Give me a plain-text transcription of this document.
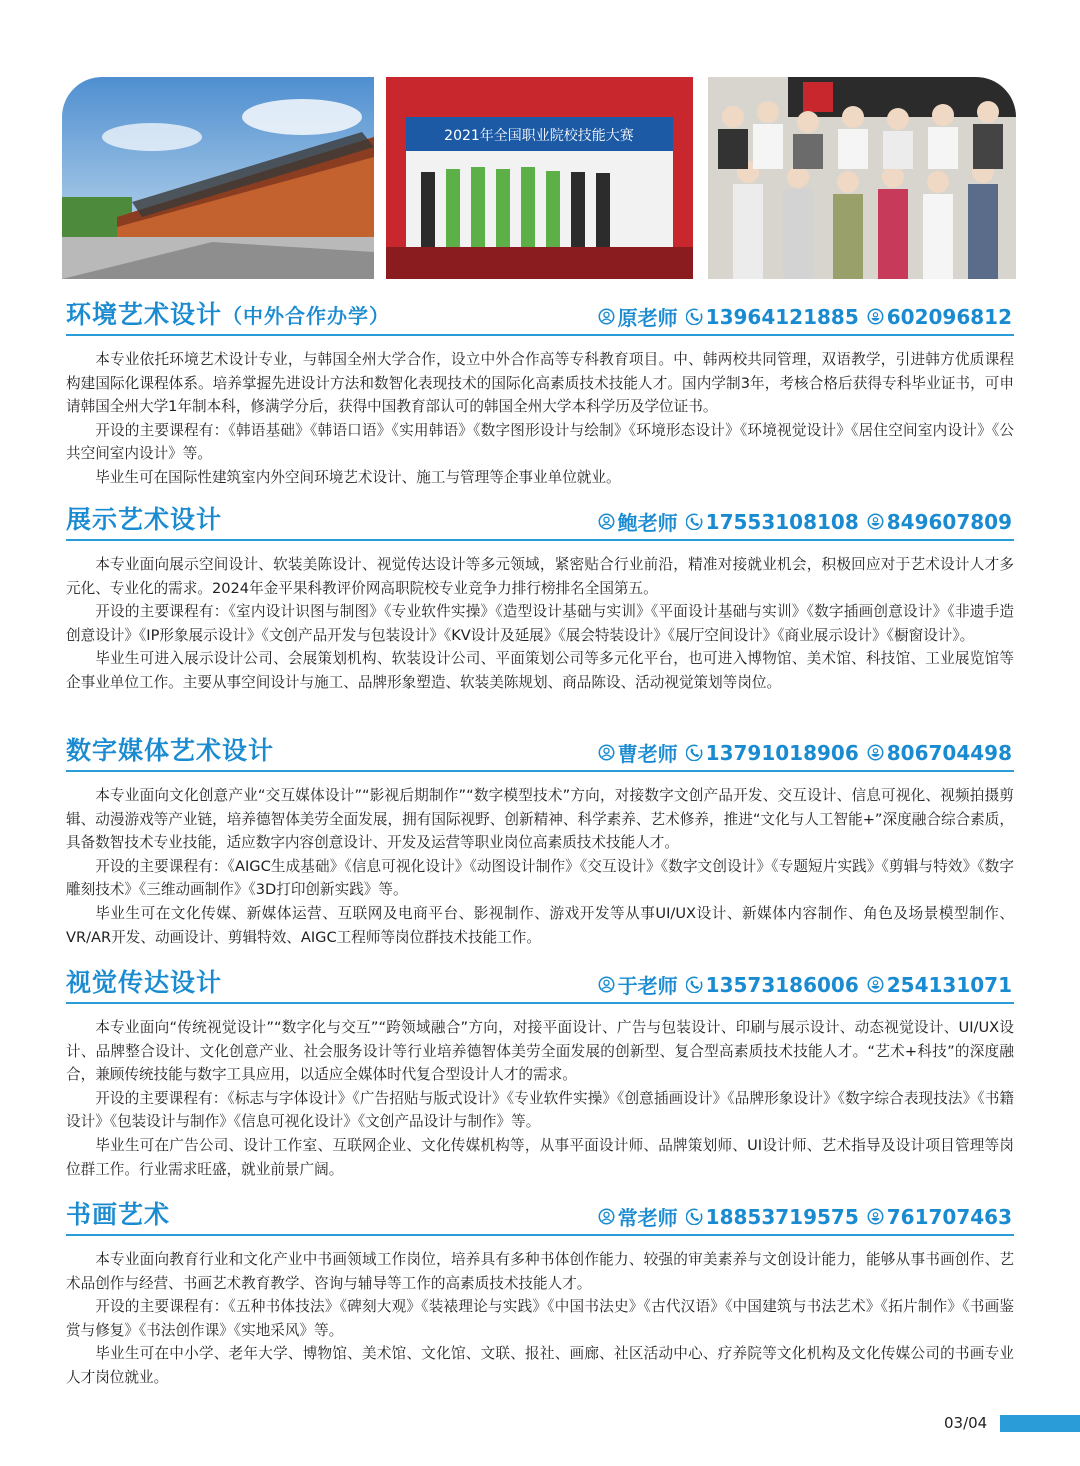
2021年全国职业院校技能大赛
环境艺术设计（中外合作办学）	原老师 13964121885 602096812

本专业依托环境艺术设计专业，与韩国全州大学合作，设立中外合作高等专科教育项目。中、韩两校共同管理，双语教学，引进韩方优质课程构建国际化课程体系。培养掌握先进设计方法和数智化表现技术的国际化高素质技术技能人才。国内学制3年，考核合格后获得专科毕业证书，可申请韩国全州大学1年制本科，修满学分后，获得中国教育部认可的韩国全州大学本科学历及学位证书。

开设的主要课程有：《韩语基础》《韩语口语》《实用韩语》《数字图形设计与绘制》《环境形态设计》《环境视觉设计》《居住空间室内设计》《公共空间室内设计》等。

毕业生可在国际性建筑室内外空间环境艺术设计、施工与管理等企事业单位就业。

展示艺术设计	鲍老师 17553108108 849607809

本专业面向展示空间设计、软装美陈设计、视觉传达设计等多元领域，紧密贴合行业前沿，精准对接就业机会，积极回应对于艺术设计人才多元化、专业化的需求。2024年金平果科教评价网高职院校专业竞争力排行榜排名全国第五。

开设的主要课程有：《室内设计识图与制图》《专业软件实操》《造型设计基础与实训》《平面设计基础与实训》《数字插画创意设计》《非遗手造创意设计》《IP形象展示设计》《文创产品开发与包装设计》《KV设计及延展》《展会特装设计》《展厅空间设计》《商业展示设计》《橱窗设计》。

毕业生可进入展示设计公司、会展策划机构、软装设计公司、平面策划公司等多元化平台，也可进入博物馆、美术馆、科技馆、工业展览馆等企事业单位工作。主要从事空间设计与施工、品牌形象塑造、软装美陈规划、商品陈设、活动视觉策划等岗位。

数字媒体艺术设计	曹老师 13791018906 806704498

本专业面向文化创意产业“交互媒体设计”“影视后期制作”“数字模型技术”方向，对接数字文创产品开发、交互设计、信息可视化、视频拍摄剪辑、动漫游戏等产业链，培养德智体美劳全面发展，拥有国际视野、创新精神、科学素养、艺术修养，推进“文化与人工智能+”深度融合综合素质，具备数智技术专业技能，适应数字内容创意设计、开发及运营等职业岗位高素质技术技能人才。

开设的主要课程有：《AIGC生成基础》《信息可视化设计》《动图设计制作》《交互设计》《数字文创设计》《专题短片实践》《剪辑与特效》《数字雕刻技术》《三维动画制作》《3D打印创新实践》等。

毕业生可在文化传媒、新媒体运营、互联网及电商平台、影视制作、游戏开发等从事UI/UX设计、新媒体内容制作、角色及场景模型制作、VR/AR开发、动画设计、剪辑特效、AIGC工程师等岗位群技术技能工作。

视觉传达设计	于老师 13573186006 254131071

本专业面向“传统视觉设计”“数字化与交互”“跨领域融合”方向，对接平面设计、广告与包装设计、印刷与展示设计、动态视觉设计、UI/UX设计、品牌整合设计、文化创意产业、社会服务设计等行业培养德智体美劳全面发展的创新型、复合型高素质技术技能人才。“艺术+科技”的深度融合，兼顾传统技能与数字工具应用，以适应全媒体时代复合型设计人才的需求。

开设的主要课程有：《标志与字体设计》《广告招贴与版式设计》《专业软件实操》《创意插画设计》《品牌形象设计》《数字综合表现技法》《书籍设计》《包装设计与制作》《信息可视化设计》《文创产品设计与制作》等。

毕业生可在广告公司、设计工作室、互联网企业、文化传媒机构等，从事平面设计师、品牌策划师、UI设计师、艺术指导及设计项目管理等岗位群工作。行业需求旺盛，就业前景广阔。

书画艺术	常老师 18853719575 761707463

本专业面向教育行业和文化产业中书画领域工作岗位，培养具有多种书体创作能力、较强的审美素养与文创设计能力，能够从事书画创作、艺术品创作与经营、书画艺术教育教学、咨询与辅导等工作的高素质技术技能人才。

开设的主要课程有：《五种书体技法》《碑刻大观》《装裱理论与实践》《中国书法史》《古代汉语》《中国建筑与书法艺术》《拓片制作》《书画鉴赏与修复》《书法创作课》《实地采风》等。

毕业生可在中小学、老年大学、博物馆、美术馆、文化馆、文联、报社、画廊、社区活动中心、疗养院等文化机构及文化传媒公司的书画专业人才岗位就业。

03/04
